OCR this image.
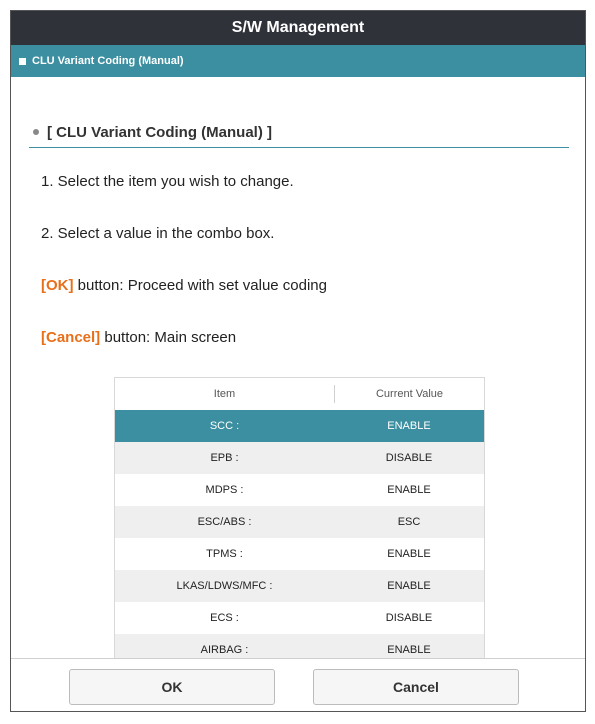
S/W Management
CLU Variant Coding (Manual)
[ CLU Variant Coding (Manual) ]
1. Select the item you wish to change.
2. Select a value in the combo box.
[OK] button: Proceed with set value coding
[Cancel] button: Main screen
Item	Current Value
SCC :	ENABLE
EPB :	DISABLE
MDPS :	ENABLE
ESC/ABS :	ESC
TPMS :	ENABLE
LKAS/LDWS/MFC :	ENABLE
ECS :	DISABLE
AIRBAG :	ENABLE
OK	Cancel
